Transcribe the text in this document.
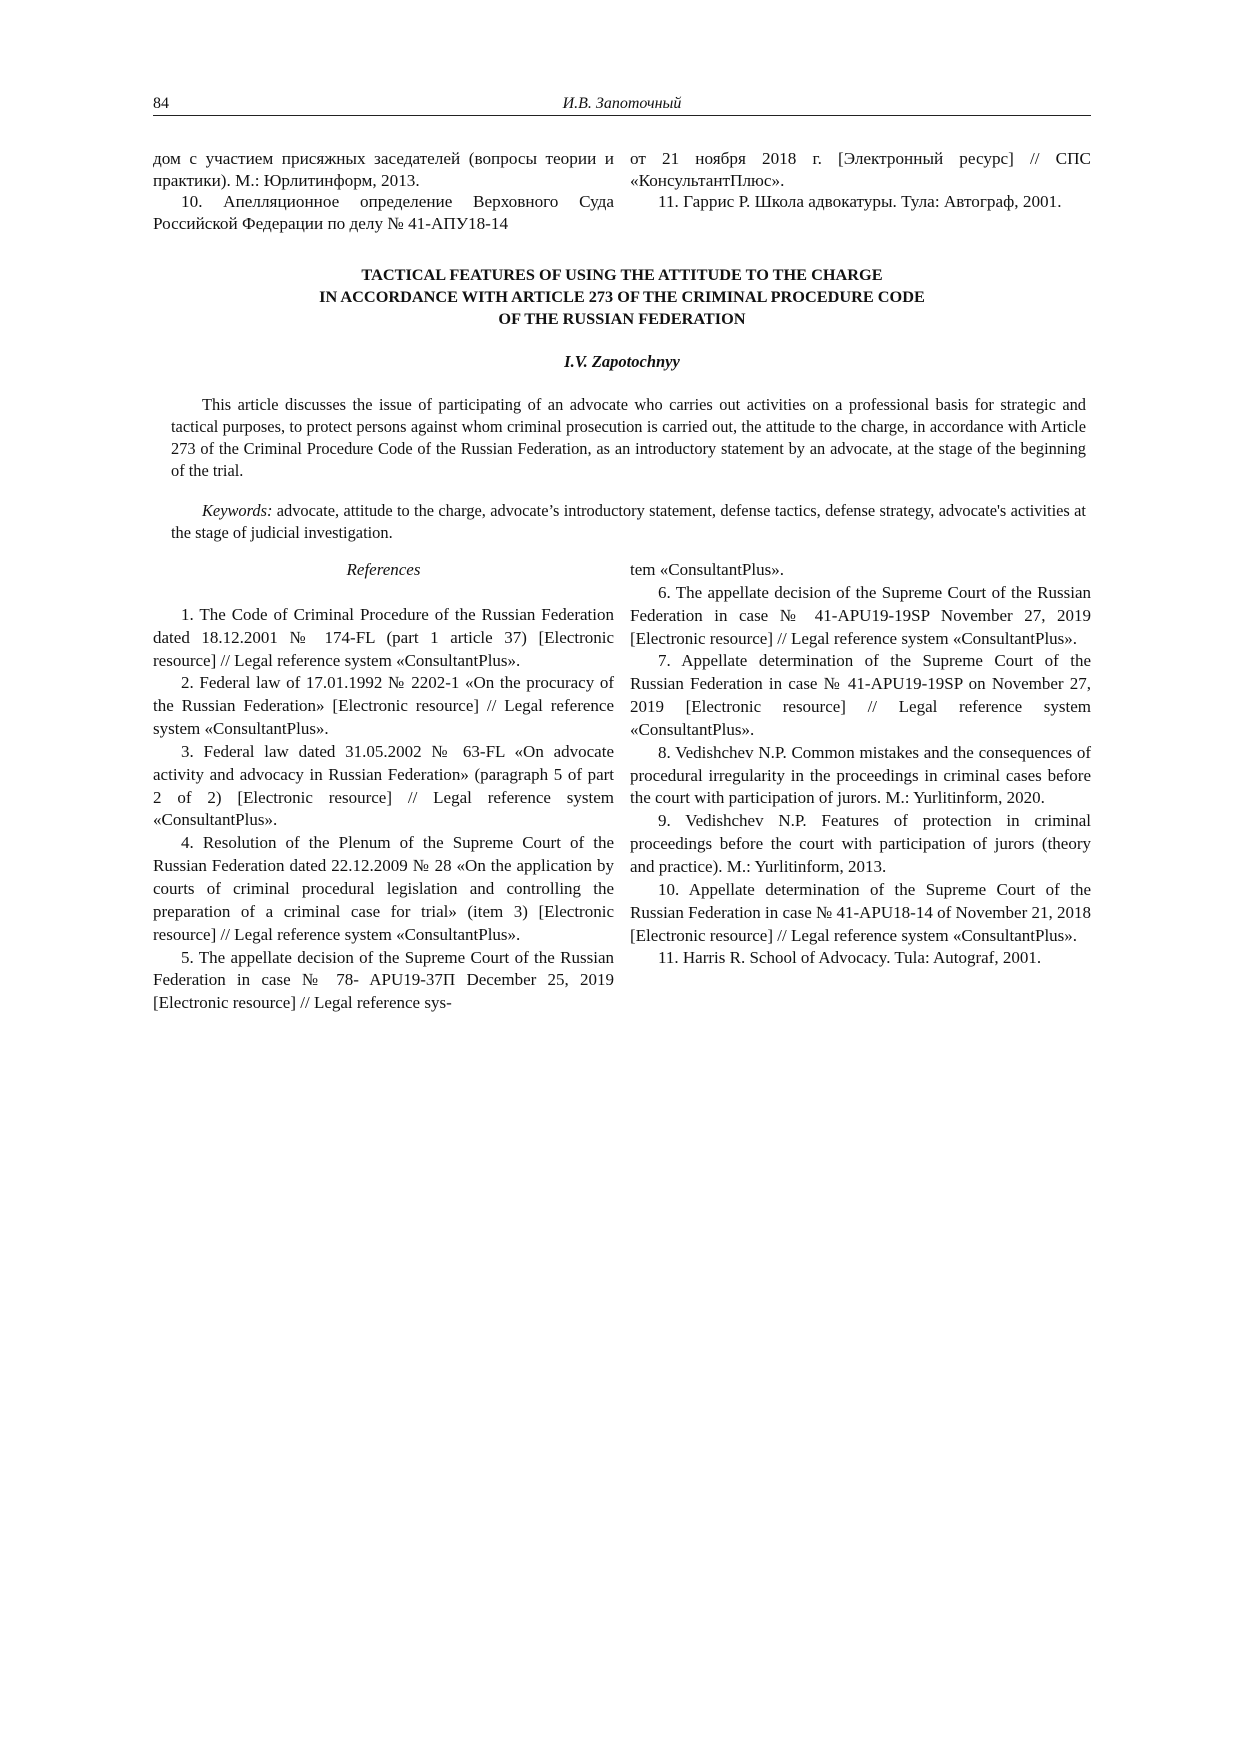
84	И.В. Запоточный

дом с участием присяжных заседателей (вопросы теории и практики). М.: Юрлитинформ, 2013.

10. Апелляционное определение Верховного Суда Российской Федерации по делу № 41-АПУ18-14

от 21 ноября 2018 г. [Электронный ресурс] // СПС «КонсультантПлюс».

11. Гаррис Р. Школа адвокатуры. Тула: Автограф, 2001.

TACTICAL FEATURES OF USING THE ATTITUDE TO THE CHARGE
IN ACCORDANCE WITH ARTICLE 273 OF THE CRIMINAL PROCEDURE CODE
OF THE RUSSIAN FEDERATION
I.V. Zapotochnyy

This article discusses the issue of participating of an advocate who carries out activities on a professional basis for strategic and tactical purposes, to protect persons against whom criminal prosecution is carried out, the attitude to the charge, in accordance with Article 273 of the Criminal Procedure Code of the Russian Federation, as an introductory statement by an advocate, at the stage of the beginning of the trial.

Keywords: advocate, attitude to the charge, advocate’s introductory statement, defense tactics, defense strategy, advocate's activities at the stage of judicial investigation.

References

1. The Code of Criminal Procedure of the Russian Federation dated 18.12.2001 № 174-FL (part 1 article 37) [Electronic resource] // Legal reference system «ConsultantPlus».

2. Federal law of 17.01.1992 № 2202-1 «On the procuracy of the Russian Federation» [Electronic resource] // Legal reference system «ConsultantPlus».

3. Federal law dated 31.05.2002 № 63-FL «On advocate activity and advocacy in Russian Federation» (paragraph 5 of part 2 of 2) [Electronic resource] // Legal reference system «ConsultantPlus».

4. Resolution of the Plenum of the Supreme Court of the Russian Federation dated 22.12.2009 № 28 «On the application by courts of criminal procedural legislation and controlling the preparation of a criminal case for trial» (item 3) [Electronic resource] // Legal reference system «ConsultantPlus».

5. The appellate decision of the Supreme Court of the Russian Federation in case № 78- APU19-37П December 25, 2019 [Electronic resource] // Legal reference sys-

tem «ConsultantPlus».

6. The appellate decision of the Supreme Court of the Russian Federation in case № 41-APU19-19SP November 27, 2019 [Electronic resource] // Legal reference system «ConsultantPlus».

7. Appellate determination of the Supreme Court of the Russian Federation in case № 41-APU19-19SP on November 27, 2019 [Electronic resource] // Legal reference system «ConsultantPlus».

8. Vedishchev N.P. Common mistakes and the consequences of procedural irregularity in the proceedings in criminal cases before the court with participation of jurors. M.: Yurlitinform, 2020.

9. Vedishchev N.P. Features of protection in criminal proceedings before the court with participation of jurors (theory and practice). M.: Yurlitinform, 2013.

10. Appellate determination of the Supreme Court of the Russian Federation in case № 41-APU18-14 of November 21, 2018 [Electronic resource] // Legal reference system «ConsultantPlus».

11. Harris R. School of Advocacy. Tula: Autograf, 2001.
